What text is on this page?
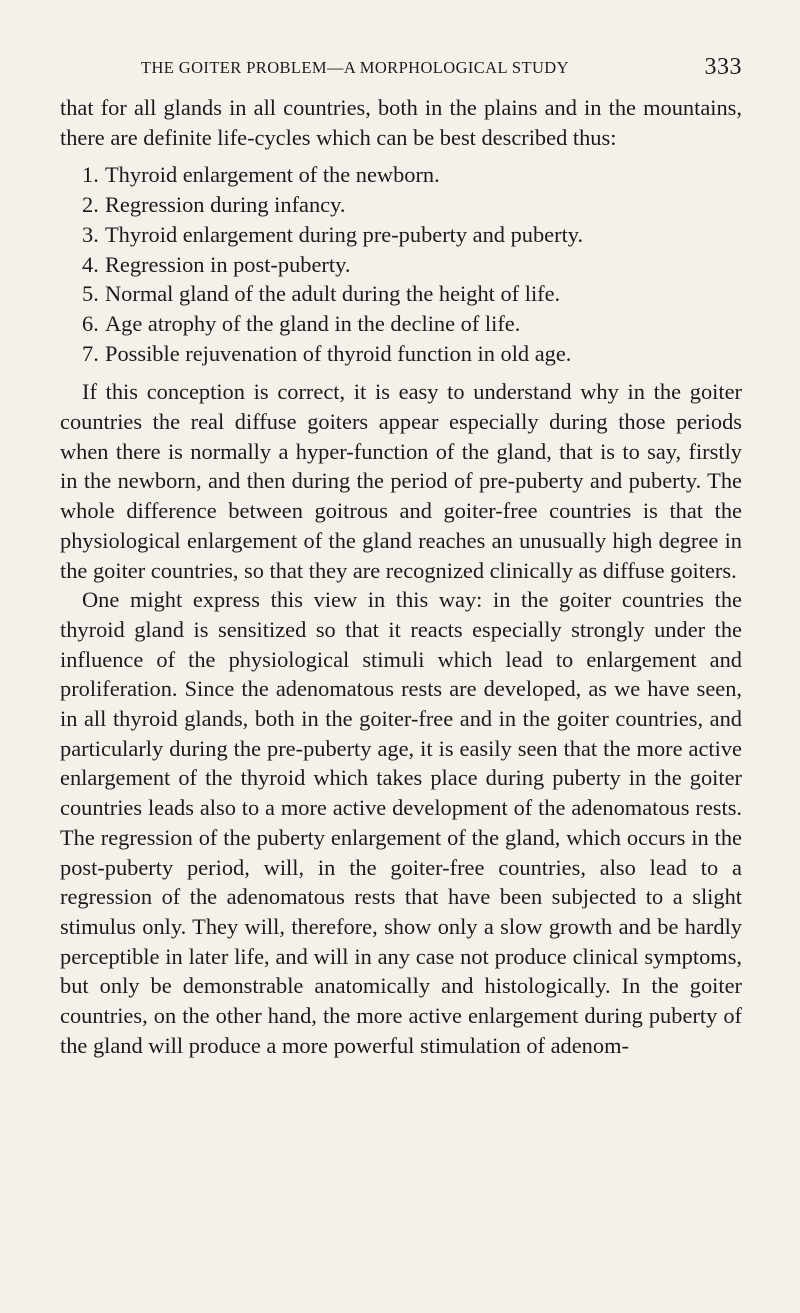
THE GOITER PROBLEM—A MORPHOLOGICAL STUDY	333

that for all glands in all countries, both in the plains and in the mountains, there are definite life-cycles which can be best described thus:

1. Thyroid enlargement of the newborn.
2. Regression during infancy.
3. Thyroid enlargement during pre-puberty and puberty.
4. Regression in post-puberty.
5. Normal gland of the adult during the height of life.
6. Age atrophy of the gland in the decline of life.
7. Possible rejuvenation of thyroid function in old age.

If this conception is correct, it is easy to understand why in the goiter countries the real diffuse goiters appear especially during those periods when there is normally a hyper-function of the gland, that is to say, firstly in the newborn, and then during the period of pre-puberty and puberty. The whole difference between goitrous and goiter-free countries is that the physiological enlargement of the gland reaches an unusually high degree in the goiter countries, so that they are recognized clinically as diffuse goiters.

One might express this view in this way: in the goiter countries the thyroid gland is sensitized so that it reacts especially strongly under the influence of the physiological stimuli which lead to enlargement and proliferation. Since the adenomatous rests are developed, as we have seen, in all thyroid glands, both in the goiter-free and in the goiter countries, and particularly during the pre-puberty age, it is easily seen that the more active enlargement of the thyroid which takes place during puberty in the goiter countries leads also to a more active development of the adenomatous rests. The regression of the puberty enlargement of the gland, which occurs in the post-puberty period, will, in the goiter-free countries, also lead to a regression of the adenomatous rests that have been subjected to a slight stimulus only. They will, therefore, show only a slow growth and be hardly perceptible in later life, and will in any case not produce clinical symptoms, but only be demonstrable anatomically and histologically. In the goiter countries, on the other hand, the more active enlargement during puberty of the gland will produce a more powerful stimulation of adenom-
